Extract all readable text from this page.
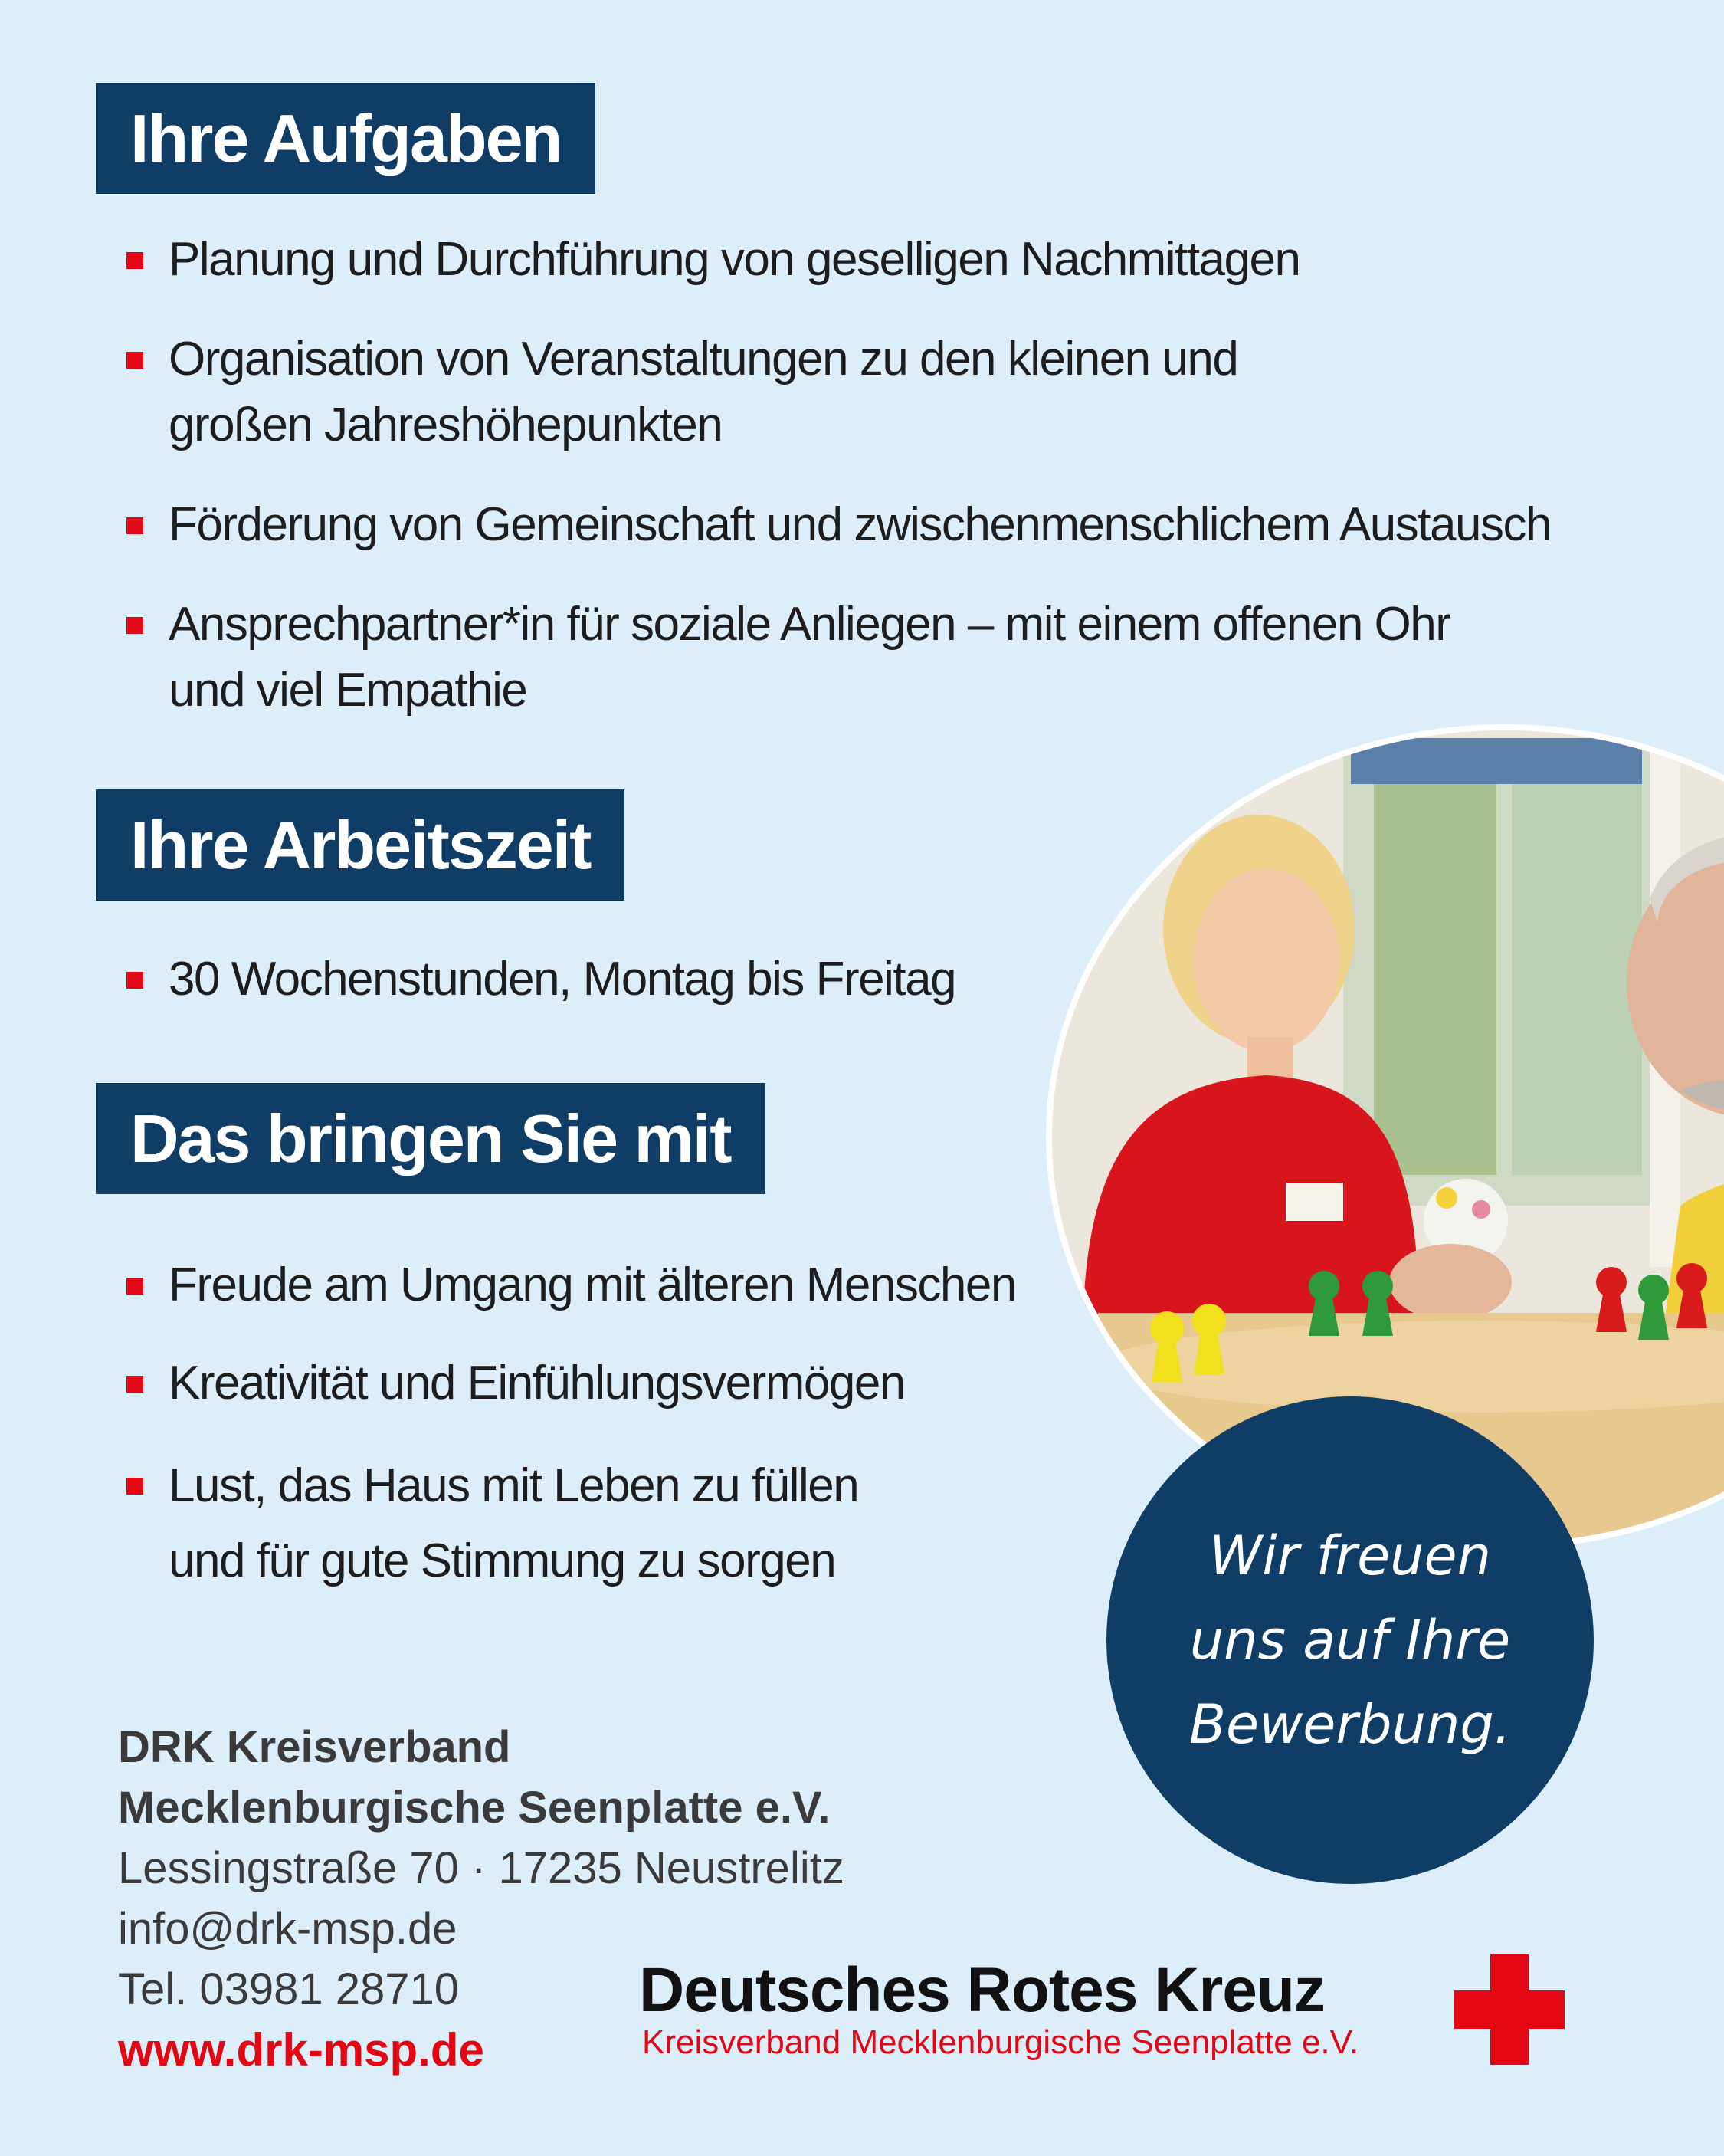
Ihre Aufgaben
Planung und Durchführung von geselligen Nachmittagen
Organisation von Veranstaltungen zu den kleinen und
großen Jahreshöhepunkten
Förderung von Gemeinschaft und zwischenmenschlichem Austausch
Ansprechpartner*in für soziale Anliegen – mit einem offenen Ohr
und viel Empathie
Ihre Arbeitszeit
30 Wochenstunden, Montag bis Freitag
Das bringen Sie mit
Freude am Umgang mit älteren Menschen
Kreativität und Einfühlungsvermögen
Lust, das Haus mit Leben zu füllen
und für gute Stimmung zu sorgen	Wir freuen
uns auf Ihre
Bewerbung.
DRK Kreisverband
Mecklenburgische Seenplatte e.V.
Lessingstraße 70 · 17235 Neustrelitz
info@drk-msp.de
Tel. 03981 28710
www.drk-msp.de
Deutsches Rotes Kreuz
Kreisverband Mecklenburgische Seenplatte e.V.
